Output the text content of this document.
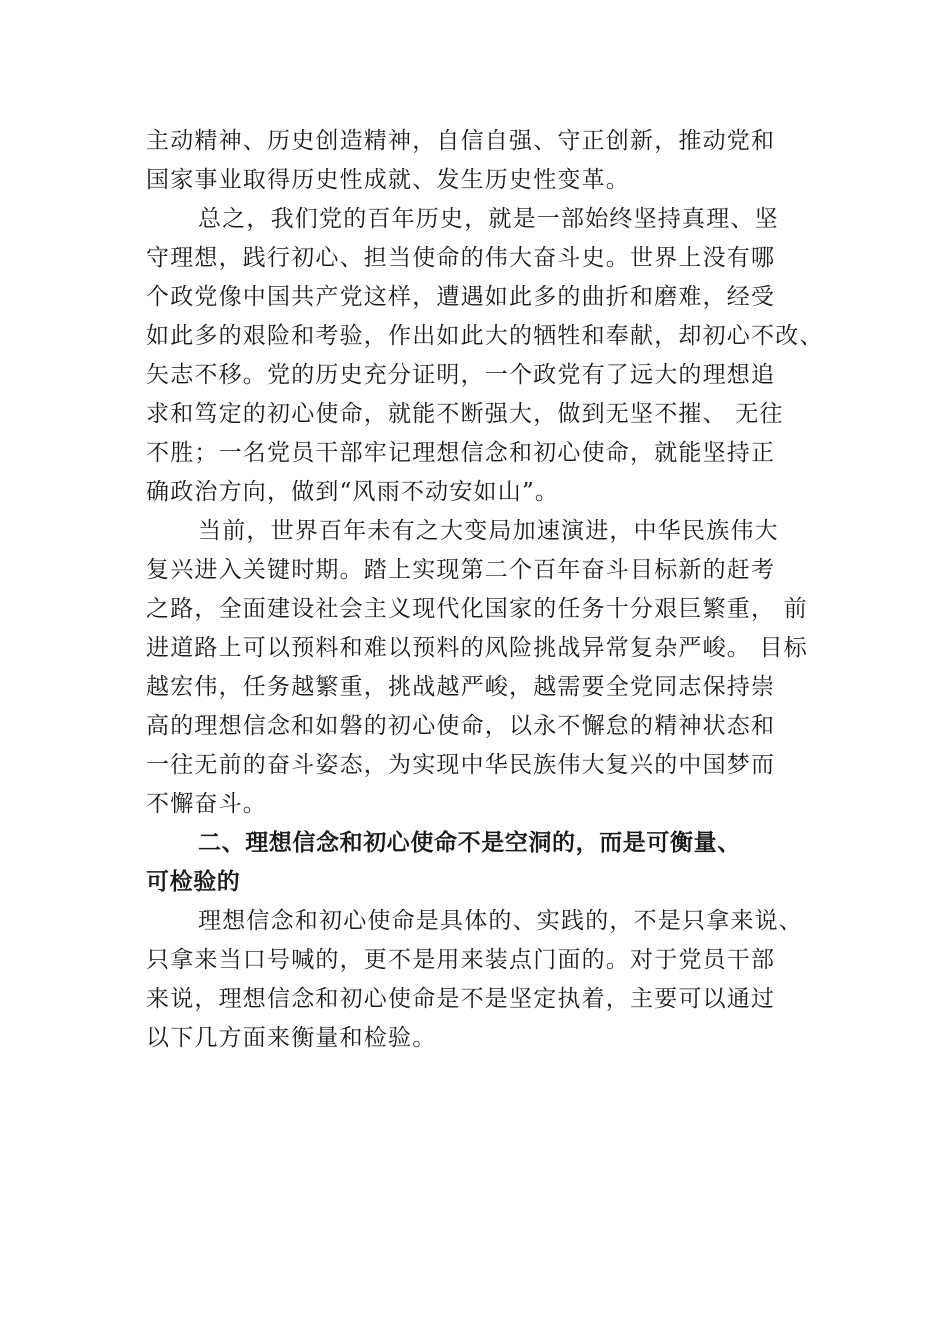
主动精神、历史创造精神，自信自强、守正创新，推动党和
国家事业取得历史性成就、发生历史性变革。
总之，我们党的百年历史，就是一部始终坚持真理、坚
守理想，践行初心、担当使命的伟大奋斗史。世界上没有哪
个政党像中国共产党这样，遭遇如此多的曲折和磨难，经受
如此多的艰险和考验，作出如此大的牺牲和奉献，却初心不改、
矢志不移。党的历史充分证明，一个政党有了远大的理想追
求和笃定的初心使命，就能不断强大，做到无坚不摧、 无往
不胜；一名党员干部牢记理想信念和初心使命，就能坚持正
确政治方向，做到“风雨不动安如山”。
当前，世界百年未有之大变局加速演进，中华民族伟大
复兴进入关键时期。踏上实现第二个百年奋斗目标新的赶考
之路，全面建设社会主义现代化国家的任务十分艰巨繁重， 前
进道路上可以预料和难以预料的风险挑战异常复杂严峻。 目标
越宏伟，任务越繁重，挑战越严峻，越需要全党同志保持崇
高的理想信念和如磐的初心使命，以永不懈怠的精神状态和
一往无前的奋斗姿态，为实现中华民族伟大复兴的中国梦而
不懈奋斗。
二、理想信念和初心使命不是空洞的，而是可衡量、
可检验的
理想信念和初心使命是具体的、实践的，不是只拿来说、
只拿来当口号喊的，更不是用来装点门面的。对于党员干部
来说，理想信念和初心使命是不是坚定执着，主要可以通过
以下几方面来衡量和检验。
